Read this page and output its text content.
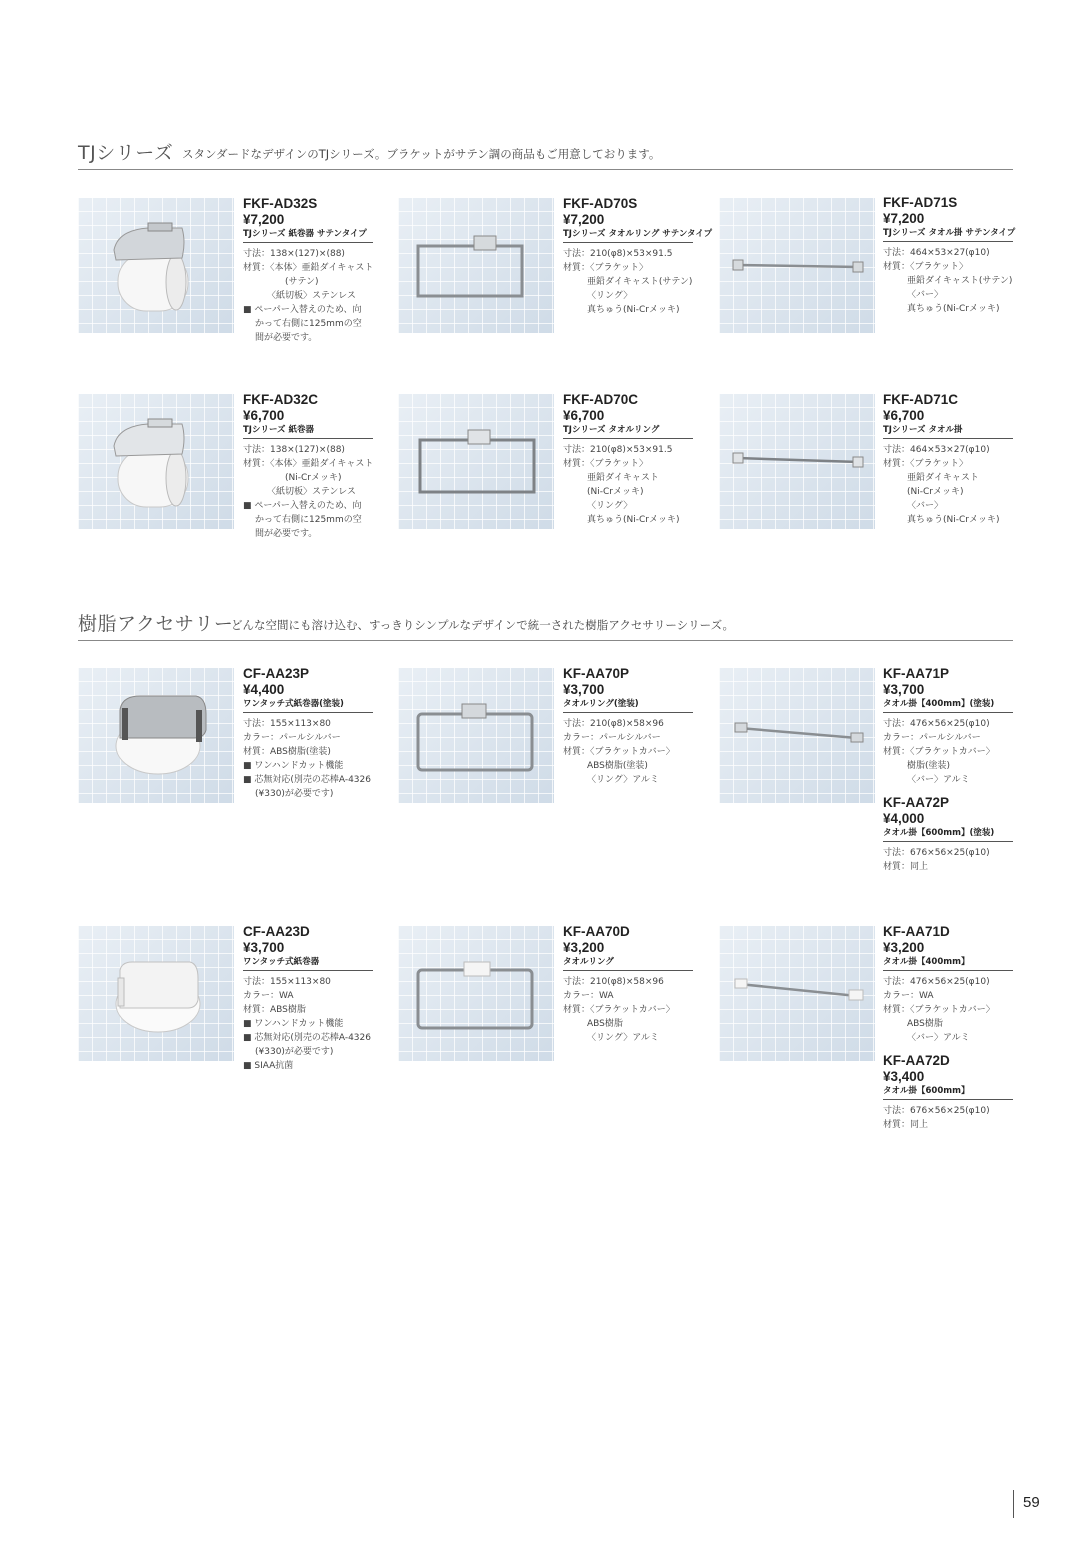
TJシリーズ スタンダードなデザインのTJシリーズ。ブラケットがサテン調の商品もご用意しております。
樹脂アクセサリー
どんな空間にも溶け込む、すっきりシンプルなデザインで統一された樹脂アクセサリーシリーズ。
FKF-AD32S
¥7,200
TJシリーズ 紙巻器 サテンタイプ
寸法：138×(127)×(88)
材質：〈本体〉亜鉛ダイキャスト
(サテン)
〈紙切板〉ステンレス
■ ペーパー入替えのため、向
かって右側に125mmの空
間が必要です。
FKF-AD70S
¥7,200
TJシリーズ タオルリング サテンタイプ
寸法：210(φ8)×53×91.5
材質：〈ブラケット〉
亜鉛ダイキャスト(サテン)
〈リング〉
真ちゅう(Ni-Crメッキ)
FKF-AD71S
¥7,200
TJシリーズ タオル掛 サテンタイプ
寸法：464×53×27(φ10)
材質：〈ブラケット〉
亜鉛ダイキャスト(サテン)
〈バー〉
真ちゅう(Ni-Crメッキ)
FKF-AD32C
¥6,700
TJシリーズ 紙巻器
寸法：138×(127)×(88)
材質：〈本体〉亜鉛ダイキャスト
(Ni-Crメッキ)
〈紙切板〉ステンレス
■ ペーパー入替えのため、向
かって右側に125mmの空
間が必要です。
FKF-AD70C
¥6,700
TJシリーズ タオルリング
寸法：210(φ8)×53×91.5
材質：〈ブラケット〉
亜鉛ダイキャスト
(Ni-Crメッキ)
〈リング〉
真ちゅう(Ni-Crメッキ)
FKF-AD71C
¥6,700
TJシリーズ タオル掛
寸法：464×53×27(φ10)
材質：〈ブラケット〉
亜鉛ダイキャスト
(Ni-Crメッキ)
〈バー〉
真ちゅう(Ni-Crメッキ)
CF-AA23P
¥4,400
ワンタッチ式紙巻器(塗装)
寸法：155×113×80
カラー：パールシルバー
材質：ABS樹脂(塗装)
■ ワンハンドカット機能
■ 芯無対応(別売の芯棒A-4326
(¥330)が必要です)
KF-AA70P
¥3,700
タオルリング(塗装)
寸法：210(φ8)×58×96
カラー：パールシルバー
材質：〈ブラケットカバー〉
ABS樹脂(塗装)
〈リング〉アルミ
KF-AA71P
¥3,700
タオル掛【400mm】(塗装)
寸法：476×56×25(φ10)
カラー：パールシルバー
材質：〈ブラケットカバー〉
樹脂(塗装)
〈バー〉アルミ
KF-AA72P
¥4,000
タオル掛【600mm】(塗装)
寸法：676×56×25(φ10)
材質：同上
CF-AA23D
¥3,700
ワンタッチ式紙巻器
寸法：155×113×80
カラー：WA
材質：ABS樹脂
■ ワンハンドカット機能
■ 芯無対応(別売の芯棒A-4326
(¥330)が必要です)
■ SIAA抗菌
KF-AA70D
¥3,200
タオルリング
寸法：210(φ8)×58×96
カラー：WA
材質：〈ブラケットカバー〉
ABS樹脂
〈リング〉アルミ
KF-AA71D
¥3,200
タオル掛【400mm】
寸法：476×56×25(φ10)
カラー：WA
材質：〈ブラケットカバー〉
ABS樹脂
〈バー〉アルミ
KF-AA72D
¥3,400
タオル掛【600mm】
寸法：676×56×25(φ10)
材質：同上
59
